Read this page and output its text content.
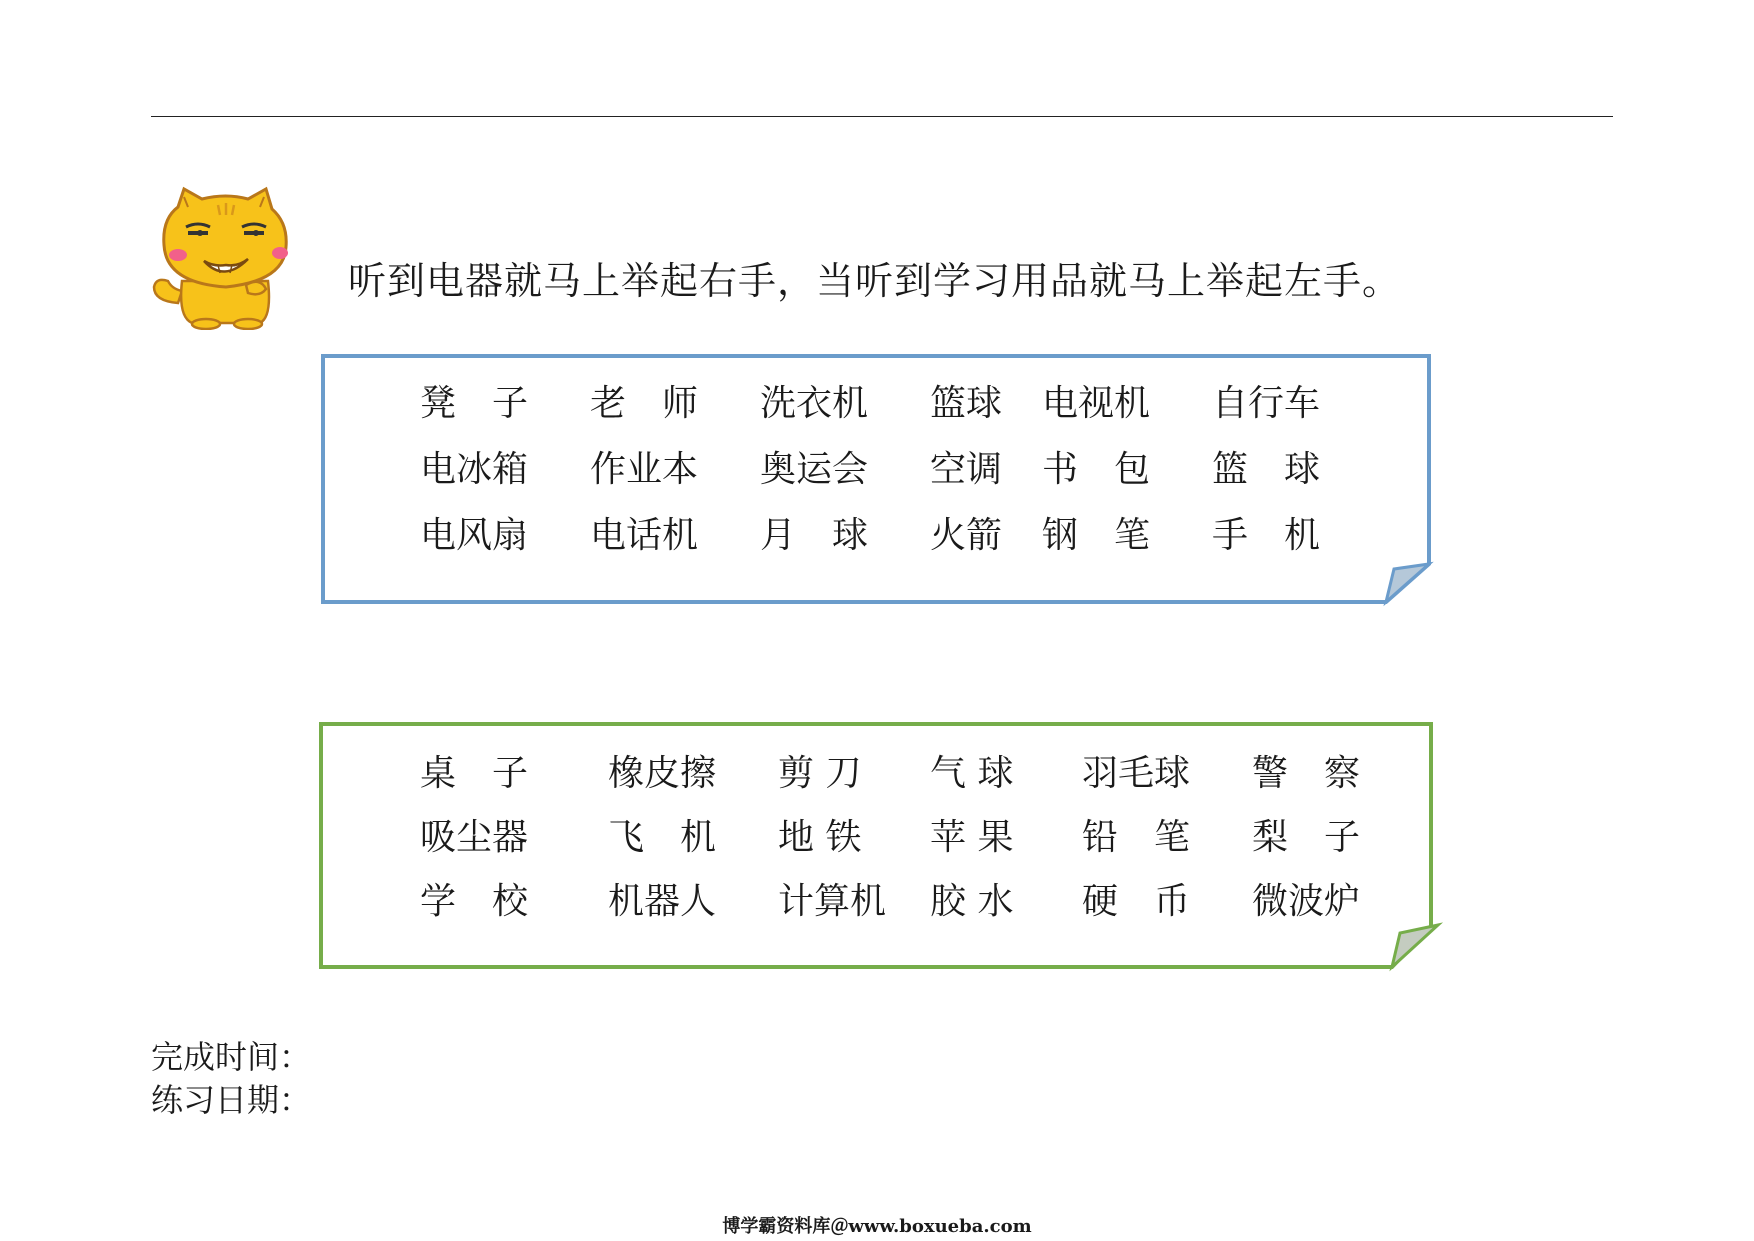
听到电器就马上举起右手，当听到学习用品就马上举起左手。
凳　子 老　师 洗衣机 篮球 电视机 自行车
电冰箱 作业本 奥运会 空调 书　包 篮　球
电风扇 电话机 月　球 火箭 钢　笔 手　机
桌　子 橡皮擦 剪 刀 气 球 羽毛球 警　察
吸尘器 飞　机 地 铁 苹 果 铅　笔 梨　子
学　校 机器人 计算机 胶 水 硬　币 微波炉
完成时间：
练习日期：
博学霸资料库＠www.boxueba.com
